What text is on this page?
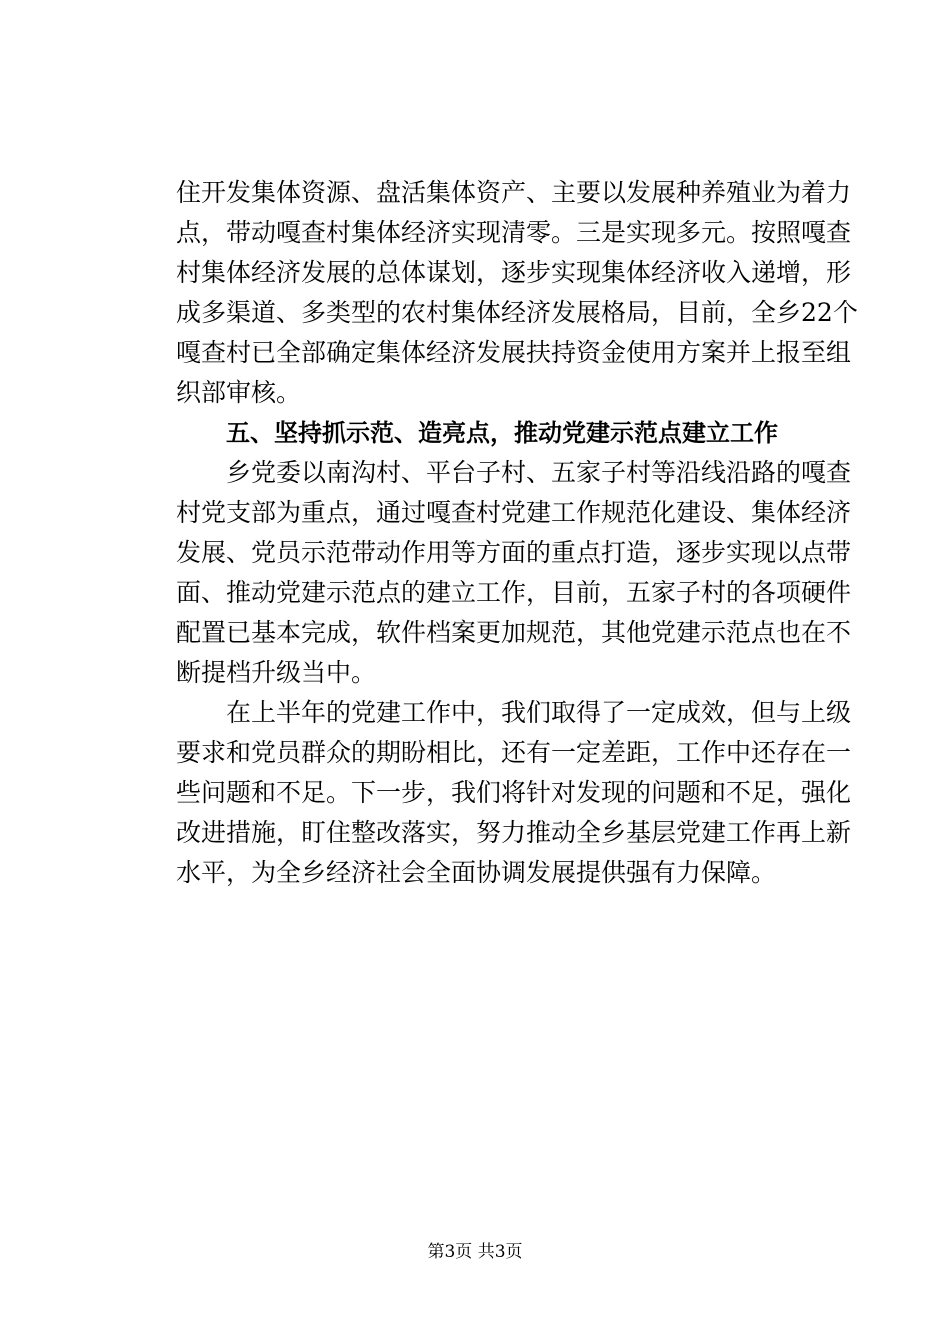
住开发集体资源、盘活集体资产、主要以发展种养殖业为着力
点，带动嘎查村集体经济实现清零。三是实现多元。按照嘎查
村集体经济发展的总体谋划，逐步实现集体经济收入递增，形
成多渠道、多类型的农村集体经济发展格局，目前，全乡22个
嘎查村已全部确定集体经济发展扶持资金使用方案并上报至组
织部审核。
五、坚持抓示范、造亮点，推动党建示范点建立工作
乡党委以南沟村、平台子村、五家子村等沿线沿路的嘎查
村党支部为重点，通过嘎查村党建工作规范化建设、集体经济
发展、党员示范带动作用等方面的重点打造，逐步实现以点带
面、推动党建示范点的建立工作，目前，五家子村的各项硬件
配置已基本完成，软件档案更加规范，其他党建示范点也在不
断提档升级当中。
在上半年的党建工作中，我们取得了一定成效，但与上级
要求和党员群众的期盼相比，还有一定差距，工作中还存在一
些问题和不足。下一步，我们将针对发现的问题和不足，强化
改进措施，盯住整改落实，努力推动全乡基层党建工作再上新
水平，为全乡经济社会全面协调发展提供强有力保障。
第3页 共3页
